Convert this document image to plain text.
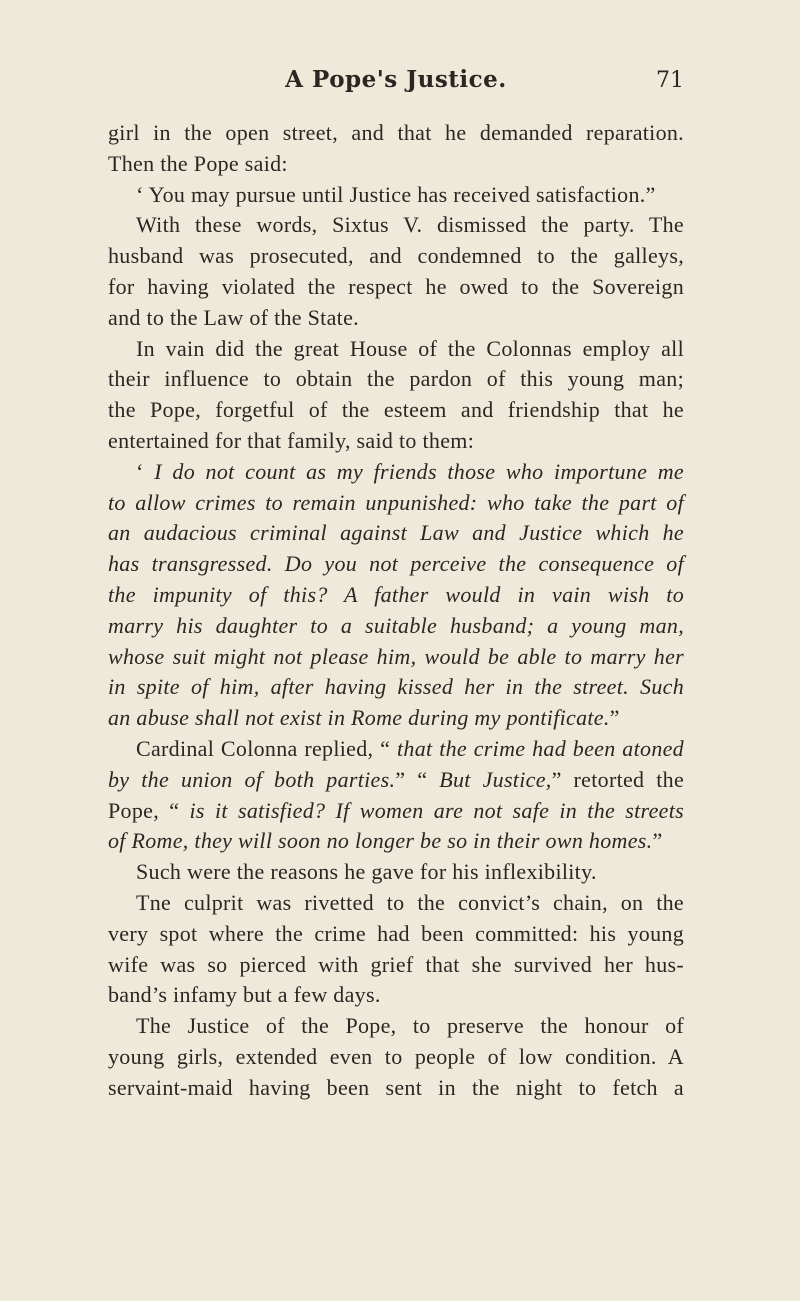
A Pope's Justice.	71
girl in the open street, and that he demanded reparation.
Then the Pope said:
‘ You may pursue until Justice has received satisfaction.”
With these words, Sixtus V. dismissed the party. The
husband was prosecuted, and condemned to the galleys,
for having violated the respect he owed to the Sovereign
and to the Law of the State.
In vain did the great House of the Colonnas employ all
their influence to obtain the pardon of this young man;
the Pope, forgetful of the esteem and friendship that he
entertained for that family, said to them:
‘ I do not count as my friends those who importune me
to allow crimes to remain unpunished: who take the part of
an audacious criminal against Law and Justice which he
has transgressed. Do you not perceive the consequence of
the impunity of this? A father would in vain wish to
marry his daughter to a suitable husband; a young man,
whose suit might not please him, would be able to marry her
in spite of him, after having kissed her in the street. Such
an abuse shall not exist in Rome during my pontificate.”
Cardinal Colonna replied, “ that the crime had been atoned
by the union of both parties.” “ But Justice,” retorted the
Pope, “ is it satisfied? If women are not safe in the streets
of Rome, they will soon no longer be so in their own homes.”
Such were the reasons he gave for his inflexibility.
Tne culprit was rivetted to the convict’s chain, on the
very spot where the crime had been committed: his young
wife was so pierced with grief that she survived her hus-
band’s infamy but a few days.
The Justice of the Pope, to preserve the honour of
young girls, extended even to people of low condition. A
servaint-maid having been sent in the night to fetch a
